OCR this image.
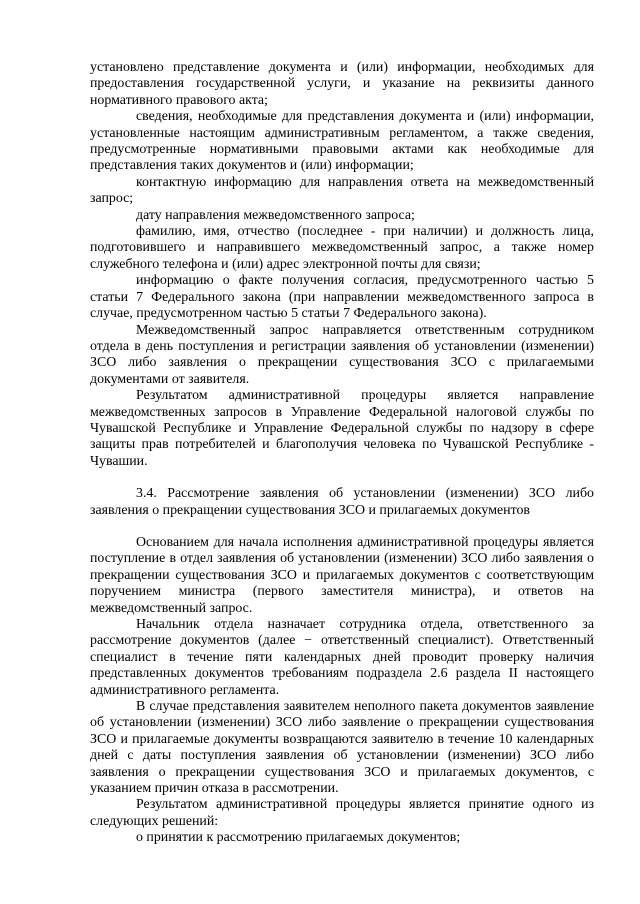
установлено представление документа и (или) информации, необходимых для предоставления государственной услуги, и указание на реквизиты данного нормативного правового акта;

сведения, необходимые для представления документа и (или) информации, установленные настоящим административным регламентом, а также сведения, предусмотренные нормативными правовыми актами как необходимые для представления таких документов и (или) информации;

контактную информацию для направления ответа на межведомственный запрос;

дату направления межведомственного запроса;

фамилию, имя, отчество (последнее - при наличии) и должность лица, подготовившего и направившего межведомственный запрос, а также номер служебного телефона и (или) адрес электронной почты для связи;

информацию о факте получения согласия, предусмотренного частью 5 статьи 7 Федерального закона (при направлении межведомственного запроса в случае, предусмотренном частью 5 статьи 7 Федерального закона).

Межведомственный запрос направляется ответственным сотрудником отдела в день поступления и регистрации заявления об установлении (изменении) ЗСО либо заявления о прекращении существования ЗСО с прилагаемыми документами от заявителя.

Результатом административной процедуры является направление межведомственных запросов в Управление Федеральной налоговой службы по Чувашской Республике и Управление Федеральной службы по надзору в сфере защиты прав потребителей и благополучия человека по Чувашской Республике - Чувашии.

3.4. Рассмотрение заявления об установлении (изменении) ЗСО либо заявления о прекращении существования ЗСО и прилагаемых документов

Основанием для начала исполнения административной процедуры является поступление в отдел заявления об установлении (изменении) ЗСО либо заявления о прекращении существования ЗСО и прилагаемых документов с соответствующим поручением министра (первого заместителя министра), и ответов на межведомственный запрос.

Начальник отдела назначает сотрудника отдела, ответственного за рассмотрение документов (далее − ответственный специалист). Ответственный специалист в течение пяти календарных дней проводит проверку наличия представленных документов требованиям подраздела 2.6 раздела II настоящего административного регламента.

В случае представления заявителем неполного пакета документов заявление об установлении (изменении) ЗСО либо заявление о прекращении существования ЗСО и прилагаемые документы возвращаются заявителю в течение 10 календарных дней с даты поступления заявления об установлении (изменении) ЗСО либо заявления о прекращении существования ЗСО и прилагаемых документов, с указанием причин отказа в рассмотрении.

Результатом административной процедуры является принятие одного из следующих решений:

о принятии к рассмотрению прилагаемых документов;
